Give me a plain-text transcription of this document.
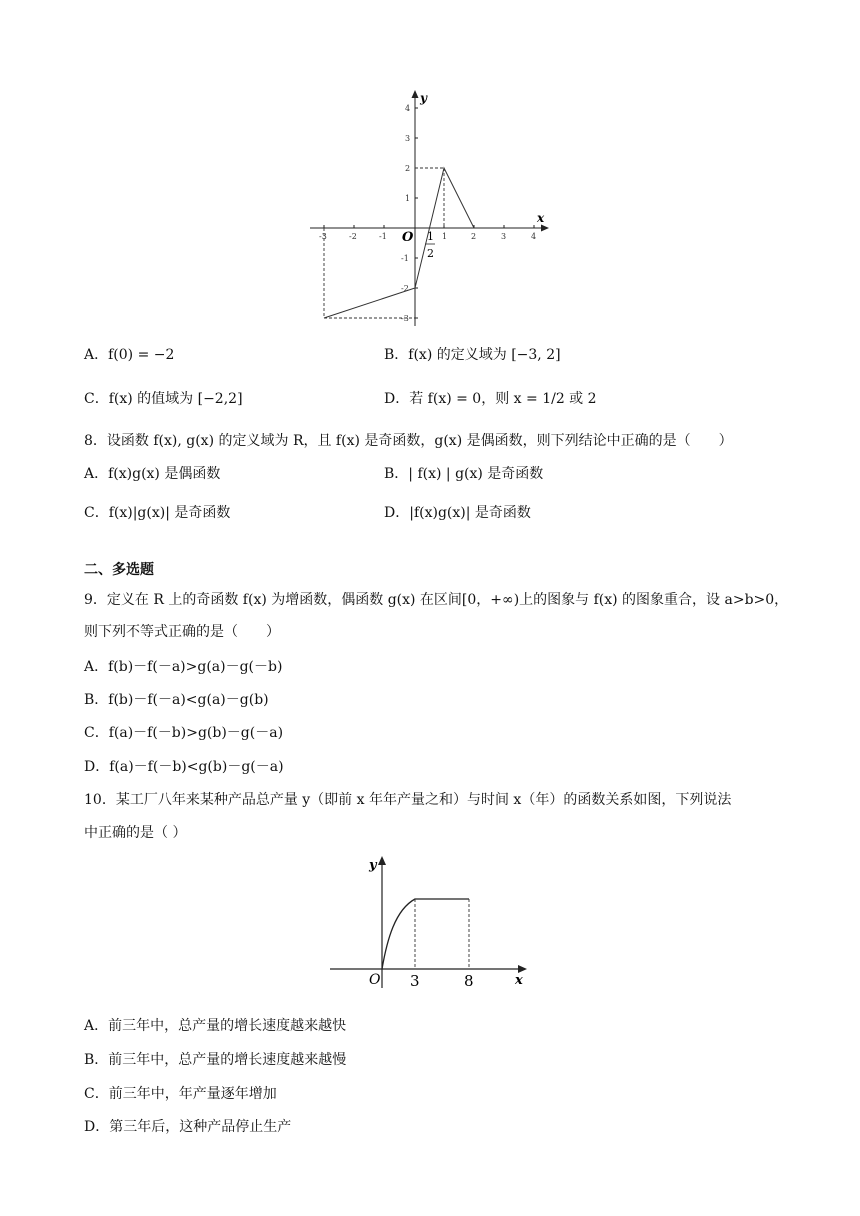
-3	-2	-1	1	2	3	4
4
3
2
1
-1
-2
-3
O
x
y
1
2
A．f(0) = −2	B．f(x) 的定义域为 [−3, 2]
C．f(x) 的值域为 [−2,2]	D．若 f(x) = 0，则 x = 1/2 或 2
8．设函数 f(x), g(x) 的定义域为 R，且 f(x) 是奇函数，g(x) 是偶函数，则下列结论中正确的是（　　）
A．f(x)g(x) 是偶函数	B．| f(x) | g(x) 是奇函数
C．f(x)|g(x)| 是奇函数	D．|f(x)g(x)| 是奇函数
二、多选题
9．定义在 R 上的奇函数 f(x) 为增函数，偶函数 g(x) 在区间[0，+∞)上的图象与 f(x) 的图象重合，设 a>b>0，
则下列不等式正确的是（　　）
A．f(b)－f(－a)>g(a)－g(－b)
B．f(b)－f(－a)<g(a)－g(b)
C．f(a)－f(－b)>g(b)－g(－a)
D．f(a)－f(－b)<g(b)－g(－a)
10．某工厂八年来某种产品总产量 y（即前 x 年年产量之和）与时间 x（年）的函数关系如图，下列说法
中正确的是（ ）
y
x
O 3	8
A．前三年中，总产量的增长速度越来越快
B．前三年中，总产量的增长速度越来越慢
C．前三年中，年产量逐年增加
D．第三年后，这种产品停止生产
